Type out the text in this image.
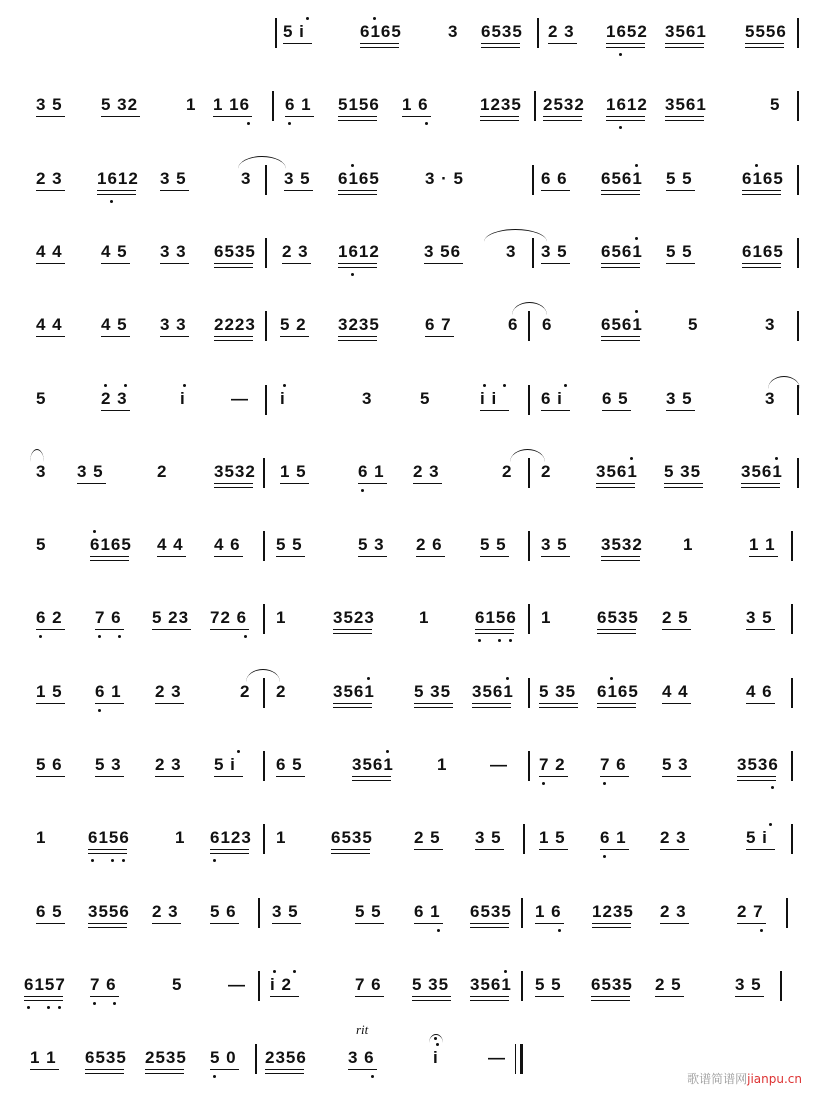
5 i	6165	3 6535 2 3 1652 3561 5556
3 5 5 32	1 1 16 6 1 5156 1 6	1235 2532 1612 3561	5
2 3 1612 3 5	3 3 5 6165	3 · 5	6 6 6561 5 5	6165
4 4 4 5 3 3 6535 2 3 1612	3 56	3 3 5 6561 5 5	6165
4 4 4 5 3 3 2223 5 2 3235	6 7	6 6	6561	5	3
5	2 3	i	— i	3	5	i i	6 i 6 5 3 5	3
3 3 5	2	3532 1 5	6 1 2 3	2 2	3561 5 35 3561
5	6165 4 4 4 6 5 5	5 3 2 6 5 5 3 5 3532 1	1 1
6 2 7 6 5 23 72 6 1	3523	1	6156 1	6535 2 5	3 5
1 5 6 1 2 3	2 2	3561 5 35 3561 5 35 6165 4 4	4 6
5 6 5 3 2 3 5 i 6 5	3561	1	— 7 2 7 6 5 3	3536
1 6156	1 6123 1	6535 2 5 3 5 1 5 6 1 2 3	5 i
6 5 3556 2 3 5 6 3 5	5 5 6 1 6535 1 6 1235 2 3	2 7
6157 7 6	5	— i 2	7 6 5 35 3561 5 5 6535 2 5	3 5
1 1 6535 2535 5 0 2356 3 6	i	—
rit
歌谱简谱网jianpu.cn
